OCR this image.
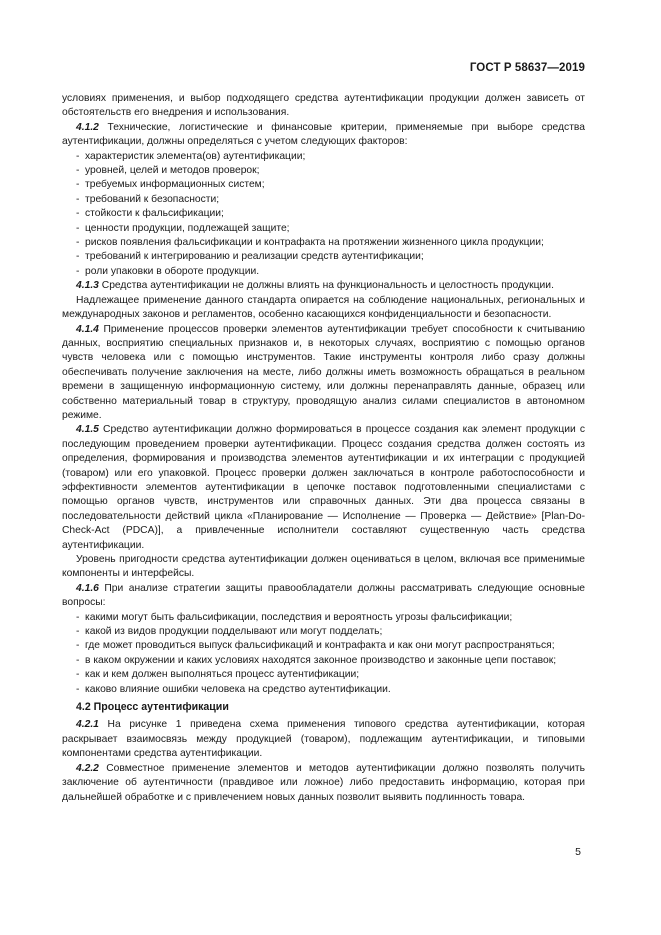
ГОСТ Р 58637—2019

условиях применения, и выбор подходящего средства аутентификации продукции должен зависеть от обстоятельств его внедрения и использования.

4.1.2 Технические, логистические и финансовые критерии, применяемые при выборе средства аутентификации, должны определяться с учетом следующих факторов:

- характеристик элемента(ов) аутентификации;
- уровней, целей и методов проверок;
- требуемых информационных систем;
- требований к безопасности;
- стойкости к фальсификации;
- ценности продукции, подлежащей защите;
- рисков появления фальсификации и контрафакта на протяжении жизненного цикла продукции;
- требований к интегрированию и реализации средств аутентификации;
- роли упаковки в обороте продукции.

4.1.3 Средства аутентификации не должны влиять на функциональность и целостность продукции.

Надлежащее применение данного стандарта опирается на соблюдение национальных, региональных и международных законов и регламентов, особенно касающихся конфиденциальности и безопасности.

4.1.4 Применение процессов проверки элементов аутентификации требует способности к считыванию данных, восприятию специальных признаков и, в некоторых случаях, восприятию с помощью органов чувств человека или с помощью инструментов. Такие инструменты контроля либо сразу должны обеспечивать получение заключения на месте, либо должны иметь возможность обращаться в реальном времени в защищенную информационную систему, или должны перенаправлять данные, образец или собственно материальный товар в структуру, проводящую анализ силами специалистов в автономном режиме.

4.1.5 Средство аутентификации должно формироваться в процессе создания как элемент продукции с последующим проведением проверки аутентификации. Процесс создания средства должен состоять из определения, формирования и производства элементов аутентификации и их интеграции с продукцией (товаром) или его упаковкой. Процесс проверки должен заключаться в контроле работоспособности и эффективности элементов аутентификации в цепочке поставок подготовленными специалистами с помощью органов чувств, инструментов или справочных данных. Эти два процесса связаны в последовательности действий цикла «Планирование — Исполнение — Проверка — Действие» [Plan-Do-Check-Act (PDCA)], а привлеченные исполнители составляют существенную часть средства аутентификации.

Уровень пригодности средства аутентификации должен оцениваться в целом, включая все применимые компоненты и интерфейсы.

4.1.6 При анализе стратегии защиты правообладатели должны рассматривать следующие основные вопросы:

- какими могут быть фальсификации, последствия и вероятность угрозы фальсификации;
- какой из видов продукции подделывают или могут подделать;
- где может проводиться выпуск фальсификаций и контрафакта и как они могут распространяться;
- в каком окружении и каких условиях находятся законное производство и законные цепи поставок;
- как и кем должен выполняться процесс аутентификации;
- каково влияние ошибки человека на средство аутентификации.

4.2 Процесс аутентификации

4.2.1 На рисунке 1 приведена схема применения типового средства аутентификации, которая раскрывает взаимосвязь между продукцией (товаром), подлежащим аутентификации, и типовыми компонентами средства аутентификации.

4.2.2 Совместное применение элементов и методов аутентификации должно позволять получить заключение об аутентичности (правдивое или ложное) либо предоставить информацию, которая при дальнейшей обработке и с привлечением новых данных позволит выявить подлинность товара.

5
